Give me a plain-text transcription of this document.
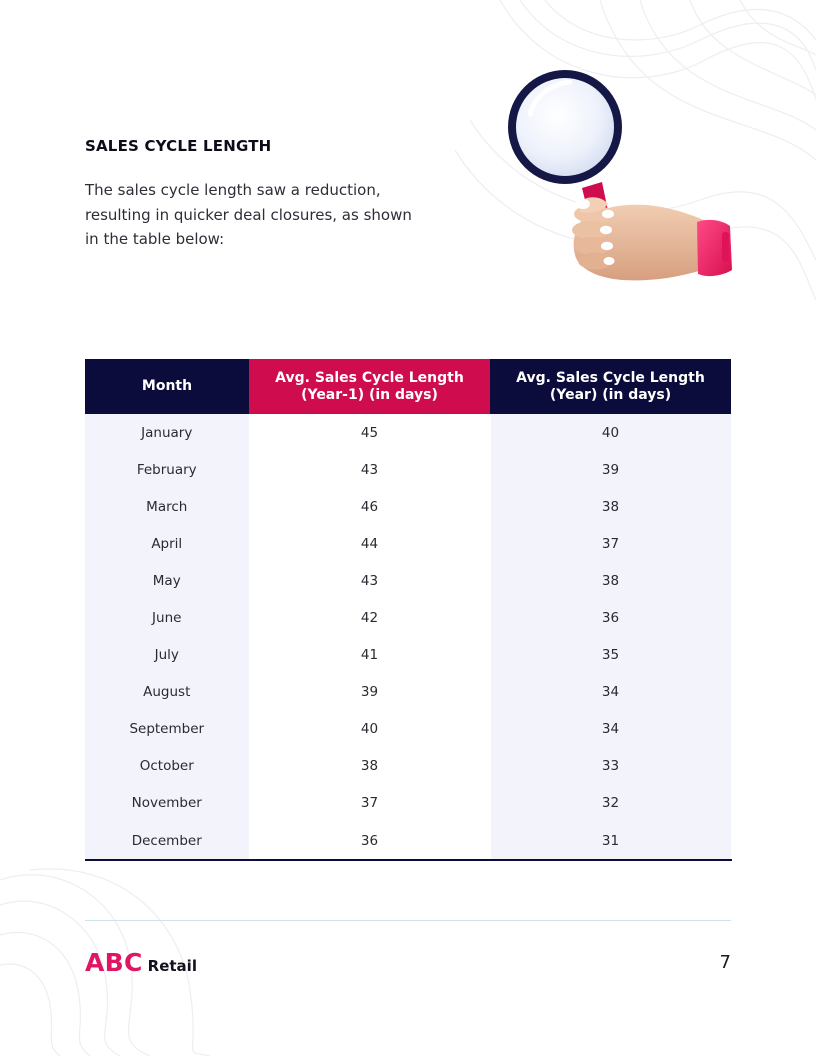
SALES CYCLE LENGTH

The sales cycle length saw a reduction, resulting in quicker deal closures, as shown in the table below:

Month	Avg. Sales Cycle Length (Year-1) (in days)	Avg. Sales Cycle Length (Year) (in days)
January	45	40
February	43	39
March	46	38
April	44	37
May	43	38
June	42	36
July	41	35
August	39	34
September	40	34
October	38	33
November	37	32
December	36	31
ABC Retail	7
